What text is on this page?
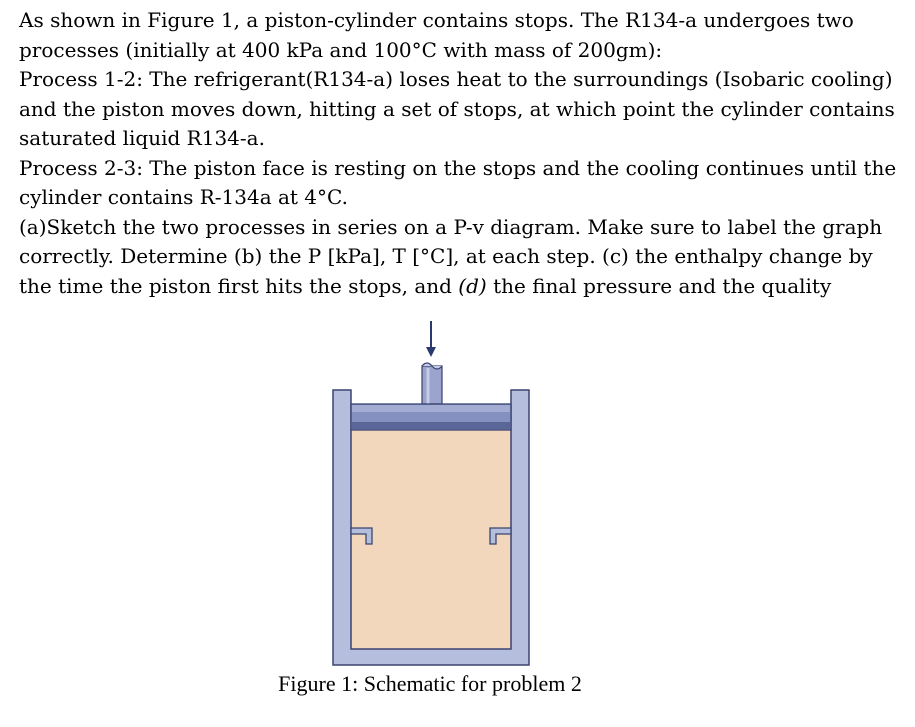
As shown in Figure 1, a piston-cylinder contains stops. The R134-a undergoes two processes (initially at 400 kPa and 100°C with mass of 200gm):

Process 1-2: The refrigerant(R134-a) loses heat to the surroundings (Isobaric cooling) and the piston moves down, hitting a set of stops, at which point the cylinder contains saturated liquid R134-a.

Process 2-3: The piston face is resting on the stops and the cooling continues until the cylinder contains R-134a at 4°C.

(a)Sketch the two processes in series on a P-v diagram. Make sure to label the graph correctly. Determine (b) the P [kPa], T [°C], at each step. (c) the enthalpy change by the time the piston first hits the stops, and (d) the final pressure and the quality

Figure 1: Schematic for problem 2
